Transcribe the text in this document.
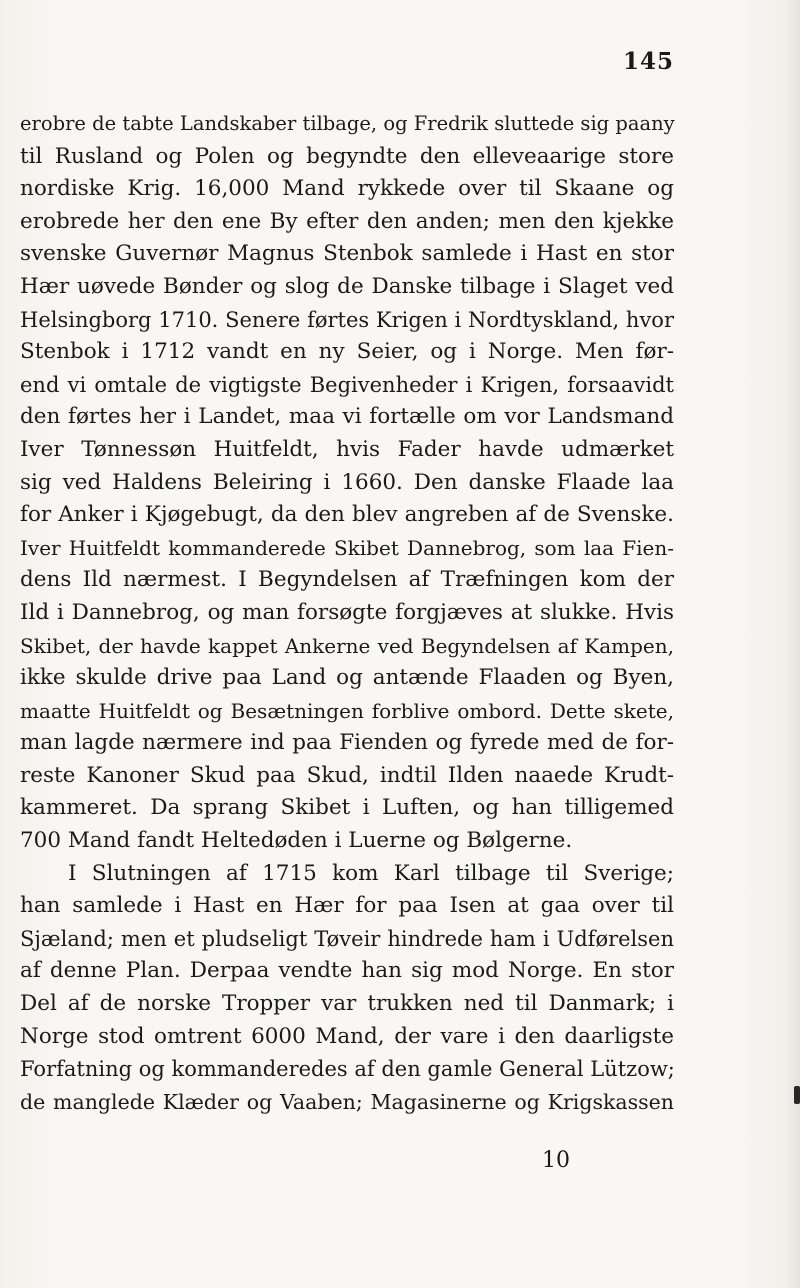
145
erobre de tabte Landskaber tilbage, og Fredrik sluttede sig paany
til Rusland og Polen og begyndte den elleveaarige store
nordiske Krig. 16,000 Mand rykkede over til Skaane og
erobrede her den ene By efter den anden; men den kjekke
svenske Guvernør Magnus Stenbok samlede i Hast en stor
Hær uøvede Bønder og slog de Danske tilbage i Slaget ved
Helsingborg 1710. Senere førtes Krigen i Nordtyskland, hvor
Stenbok i 1712 vandt en ny Seier, og i Norge. Men før-
end vi omtale de vigtigste Begivenheder i Krigen, forsaavidt
den førtes her i Landet, maa vi fortælle om vor Landsmand
Iver Tønnessøn Huitfeldt, hvis Fader havde udmærket
sig ved Haldens Beleiring i 1660. Den danske Flaade laa
for Anker i Kjøgebugt, da den blev angreben af de Svenske.
Iver Huitfeldt kommanderede Skibet Dannebrog, som laa Fien-
dens Ild nærmest. I Begyndelsen af Træfningen kom der
Ild i Dannebrog, og man forsøgte forgjæves at slukke. Hvis
Skibet, der havde kappet Ankerne ved Begyndelsen af Kampen,
ikke skulde drive paa Land og antænde Flaaden og Byen,
maatte Huitfeldt og Besætningen forblive ombord. Dette skete,
man lagde nærmere ind paa Fienden og fyrede med de for-
reste Kanoner Skud paa Skud, indtil Ilden naaede Krudt-
kammeret. Da sprang Skibet i Luften, og han tilligemed
700 Mand fandt Heltedøden i Luerne og Bølgerne.
I Slutningen af 1715 kom Karl tilbage til Sverige;
han samlede i Hast en Hær for paa Isen at gaa over til
Sjæland; men et pludseligt Tøveir hindrede ham i Udførelsen
af denne Plan. Derpaa vendte han sig mod Norge. En stor
Del af de norske Tropper var trukken ned til Danmark; i
Norge stod omtrent 6000 Mand, der vare i den daarligste
Forfatning og kommanderedes af den gamle General Lützow;
de manglede Klæder og Vaaben; Magasinerne og Krigskassen
10
